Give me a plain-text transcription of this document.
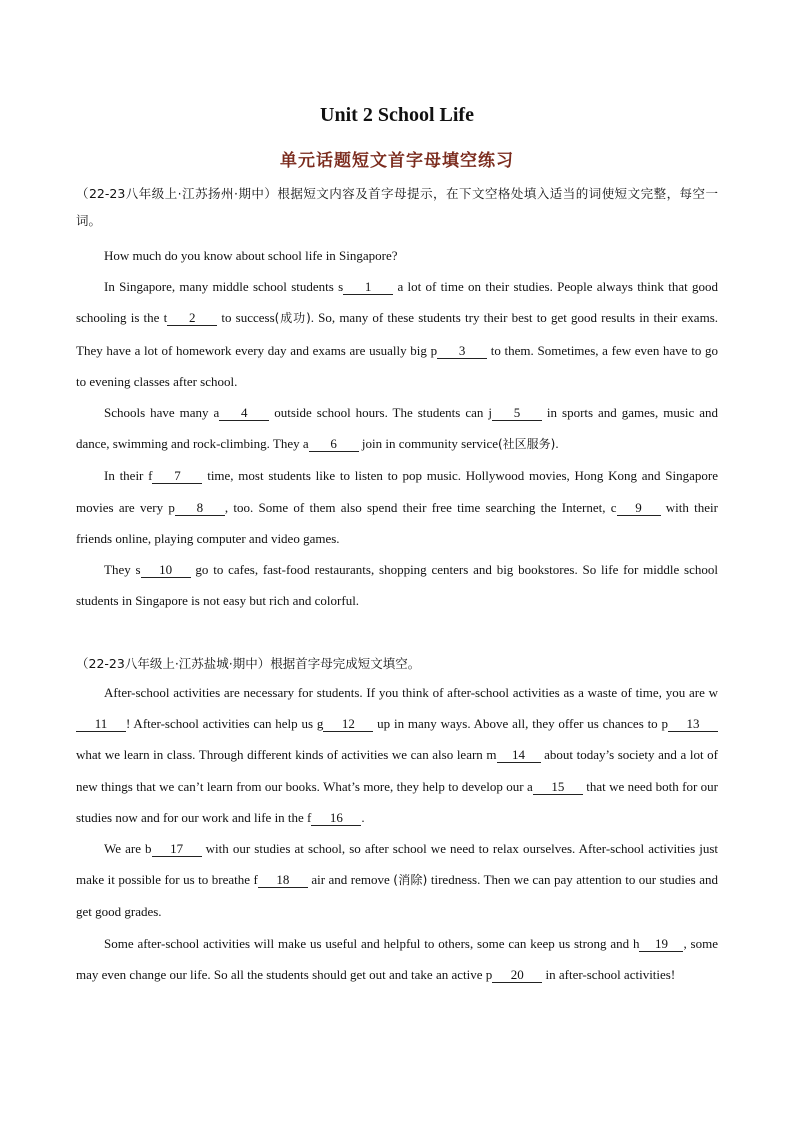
Unit 2 School Life
单元话题短文首字母填空练习
（22-23八年级上·江苏扬州·期中）根据短文内容及首字母提示，在下文空格处填入适当的词使短文完整，每空一词。
How much do you know about school life in Singapore?
In Singapore, many middle school students s 1 a lot of time on their studies. People always think that good schooling is the t 2 to success(成功). So, many of these students try their best to get good results in their exams. They have a lot of homework every day and exams are usually big p 3 to them. Sometimes, a few even have to go to evening classes after school.
Schools have many a 4 outside school hours. The students can j 5 in sports and games, music and dance, swimming and rock-climbing. They a 6 join in community service(社区服务).
In their f 7 time, most students like to listen to pop music. Hollywood movies, Hong Kong and Singapore movies are very p 8 , too. Some of them also spend their free time searching the Internet, c 9 with their friends online, playing computer and video games.
They s 10 go to cafes, fast-food restaurants, shopping centers and big bookstores. So life for middle school students in Singapore is not easy but rich and colorful.
（22-23八年级上·江苏盐城·期中）根据首字母完成短文填空。
After-school activities are necessary for students. If you think of after-school activities as a waste of time, you are w11 ! After-school activities can help us g 12 up in many ways. Above all, they offer us chances to p 13 what we learn in class. Through different kinds of activities we can also learn m 14 about today’s society and a lot of new things that we can’t learn from our books. What’s more, they help to develop our a 15 that we need both for our studies now and for our work and life in the f 16 .
We are b 17 with our studies at school, so after school we need to relax ourselves. After-school activities just make it possible for us to breathe f 18 air and remove (消除) tiredness. Then we can pay attention to our studies and get good grades.
Some after-school activities will make us useful and helpful to others, some can keep us strong and h 19 , some may even change our life. So all the students should get out and take an active p 20 in after-school activities!
